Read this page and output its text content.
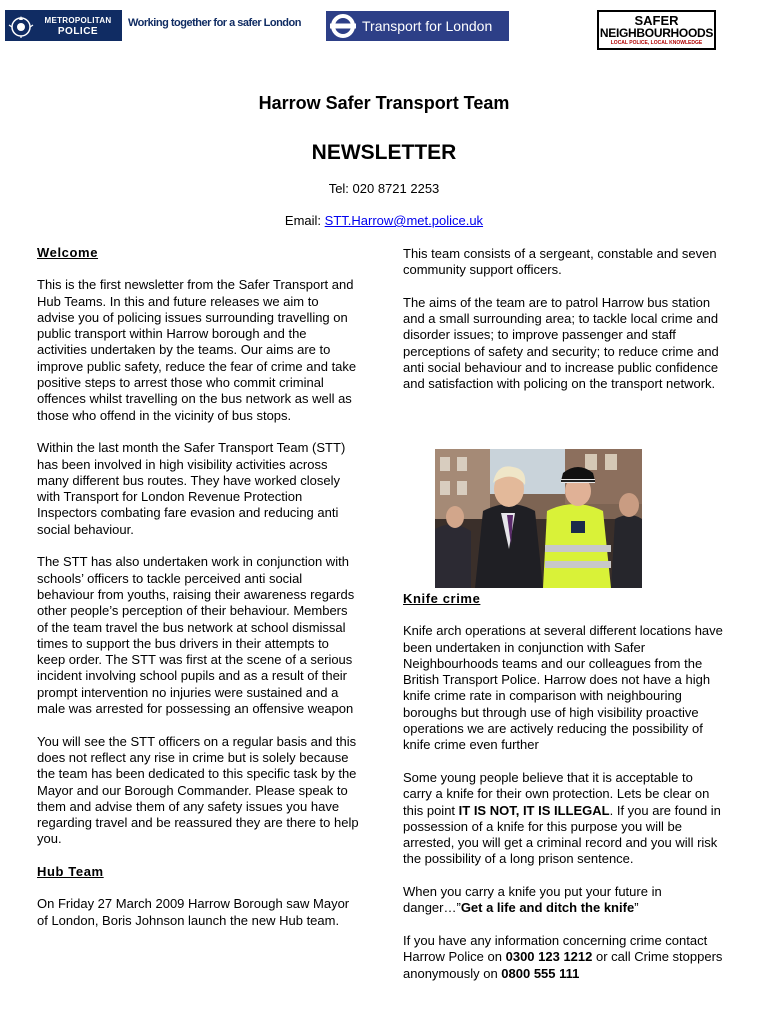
METROPOLITAN
POLICE
Working together for a safer London	Transport for London	SAFER
NEIGHBOURHOODS
LOCAL POLICE, LOCAL KNOWLEDGE
Harrow Safer Transport Team
NEWSLETTER
Tel: 020 8721 2253
Email: STT.Harrow@met.police.uk
Welcome

This is the first newsletter from the Safer Transport and Hub Teams. In this and future releases we aim to advise you of policing issues surrounding travelling on public transport within Harrow borough and the activities undertaken by the teams. Our aims are to improve public safety, reduce the fear of crime and take positive steps to arrest those who commit criminal offences whilst travelling on the bus network as well as those who offend in the vicinity of bus stops.

Within the last month the Safer Transport Team (STT) has been involved in high visibility activities across many different bus routes. They have worked closely with Transport for London Revenue Protection Inspectors combating fare evasion and reducing anti social behaviour.

The STT has also undertaken work in conjunction with schools’ officers to tackle perceived anti social behaviour from youths, raising their awareness regards other people’s perception of their behaviour. Members of the team travel the bus network at school dismissal times to support the bus drivers in their attempts to keep order. The STT was first at the scene of a serious incident involving school pupils and as a result of their prompt intervention no injuries were sustained and a male was arrested for possessing an offensive weapon

You will see the STT officers on a regular basis and this does not reflect any rise in crime but is solely because the team has been dedicated to this specific task by the Mayor and our Borough Commander. Please speak to them and advise them of any safety issues you have regarding travel and be reassured they are there to help you.

Hub Team

On Friday 27 March 2009 Harrow Borough saw Mayor of London, Boris Johnson launch the new Hub team.

This team consists of a sergeant, constable and seven community support officers.

The aims of the team are to patrol Harrow bus station and a small surrounding area; to tackle local crime and disorder issues; to improve passenger and staff perceptions of safety and security; to reduce crime and anti social behaviour and to increase public confidence and satisfaction with policing on the transport network.

Knife crime

Knife arch operations at several different locations have been undertaken in conjunction with Safer Neighbourhoods teams and our colleagues from the British Transport Police. Harrow does not have a high knife crime rate in comparison with neighbouring boroughs but through use of high visibility proactive operations we are actively reducing the possibility of knife crime even further

Some young people believe that it is acceptable to carry a knife for their own protection. Lets be clear on this point IT IS NOT, IT IS ILLEGAL. If you are found in possession of a knife for this purpose you will be arrested, you will get a criminal record and you will risk the possibility of a long prison sentence.

When you carry a knife you put your future in danger…”Get a life and ditch the knife”

If you have any information concerning crime contact Harrow Police on 0300 123 1212 or call Crime stoppers anonymously on 0800 555 111
